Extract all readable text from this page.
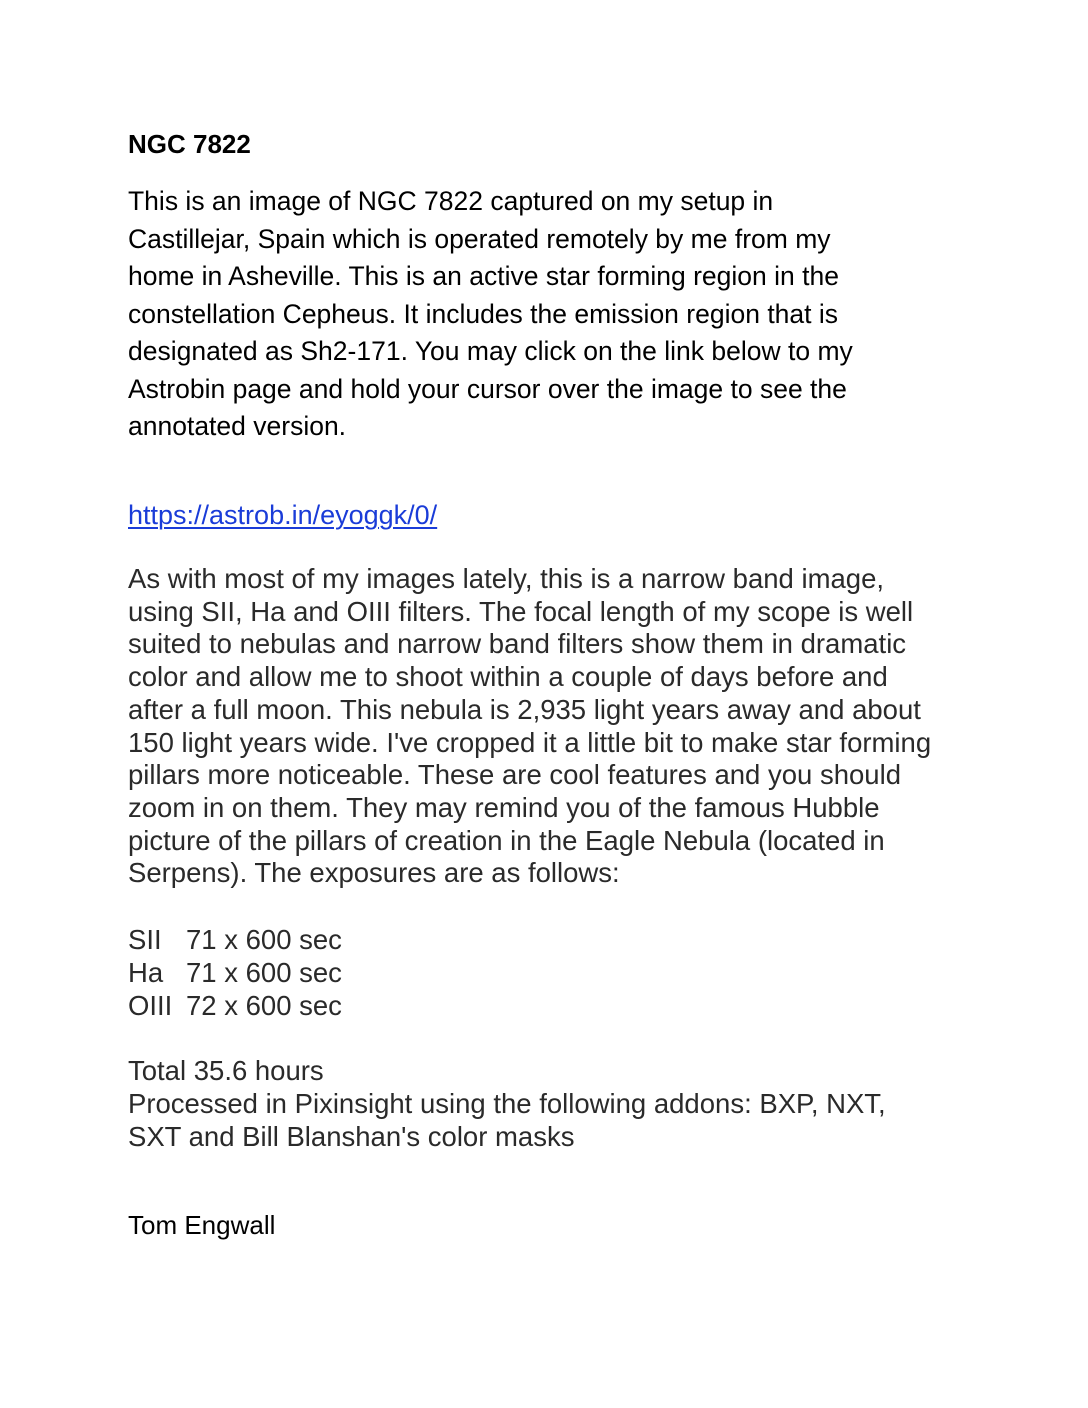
NGC 7822

This is an image of NGC 7822 captured on my setup in
Castillejar, Spain which is operated remotely by me from my
home in Asheville. This is an active star forming region in the
constellation Cepheus. It includes the emission region that is
designated as Sh2-171. You may click on the link below to my
Astrobin page and hold your cursor over the image to see the
annotated version.

https://astrob.in/eyoggk/0/

As with most of my images lately, this is a narrow band image,
using SII, Ha and OIII filters. The focal length of my scope is well
suited to nebulas and narrow band filters show them in dramatic
color and allow me to shoot within a couple of days before and
after a full moon. This nebula is 2,935 light years away and about
150 light years wide. I've cropped it a little bit to make star forming
pillars more noticeable. These are cool features and you should
zoom in on them. They may remind you of the famous Hubble
picture of the pillars of creation in the Eagle Nebula (located in
Serpens). The exposures are as follows:

SII 71 x 600 sec
Ha 71 x 600 sec
OIII 72 x 600 sec
Total 35.6 hours
Processed in Pixinsight using the following addons: BXP, NXT,
SXT and Bill Blanshan's color masks
Tom Engwall
